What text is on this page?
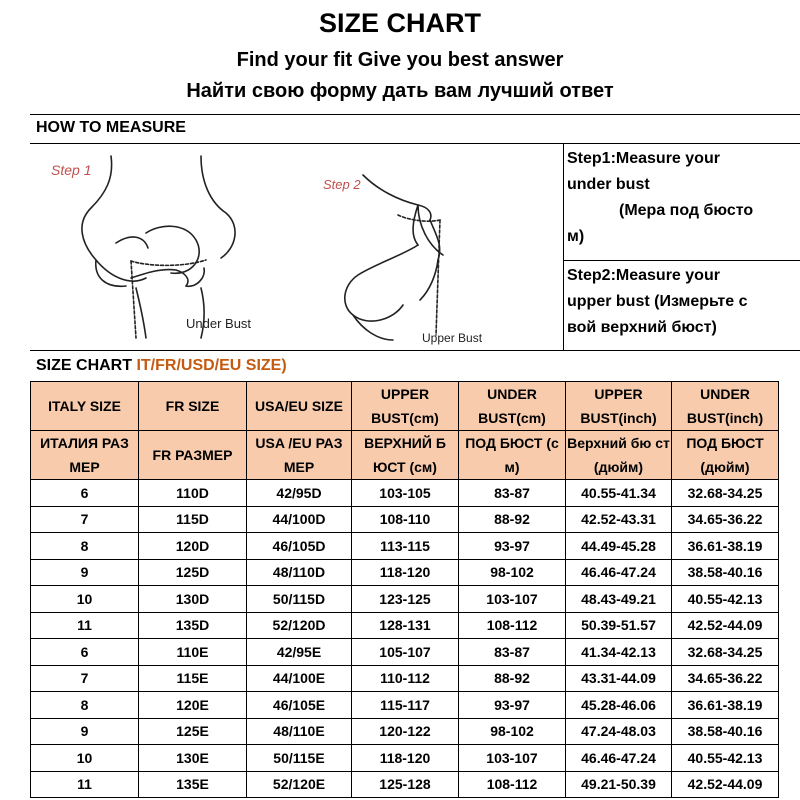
SIZE CHART
Find your fit Give you best answer
Найти свою форму дать вам лучший ответ
HOW TO MEASURE
Step 1
Under Bust
Step 2
Upper Bust
Step1:Measure your
under bust
(Мера под бюсто
м)
Step2:Measure your
upper bust (Измерьте с
вой верхний бюст)
SIZE CHART IT/FR/USD/EU SIZE)
ITALY SIZE	FR SIZE	USA/EU SIZE	UPPER BUST(cm)	UNDER BUST(cm)	UPPER BUST(inch)	UNDER BUST(inch)
ИТАЛИЯ РАЗ МЕР	FR РАЗМЕР	USA /EU РАЗ МЕР	ВЕРХНИЙ Б ЮСТ (см)	ПОД БЮСТ (с м)	Верхний бю ст (дюйм)	ПОД БЮСТ (дюйм)
6	110D	42/95D	103-105	83-87	40.55-41.34	32.68-34.25
7	115D	44/100D	108-110	88-92	42.52-43.31	34.65-36.22
8	120D	46/105D	113-115	93-97	44.49-45.28	36.61-38.19
9	125D	48/110D	118-120	98-102	46.46-47.24	38.58-40.16
10	130D	50/115D	123-125	103-107	48.43-49.21	40.55-42.13
11	135D	52/120D	128-131	108-112	50.39-51.57	42.52-44.09
6	110E	42/95E	105-107	83-87	41.34-42.13	32.68-34.25
7	115E	44/100E	110-112	88-92	43.31-44.09	34.65-36.22
8	120E	46/105E	115-117	93-97	45.28-46.06	36.61-38.19
9	125E	48/110E	120-122	98-102	47.24-48.03	38.58-40.16
10	130E	50/115E	118-120	103-107	46.46-47.24	40.55-42.13
11	135E	52/120E	125-128	108-112	49.21-50.39	42.52-44.09
